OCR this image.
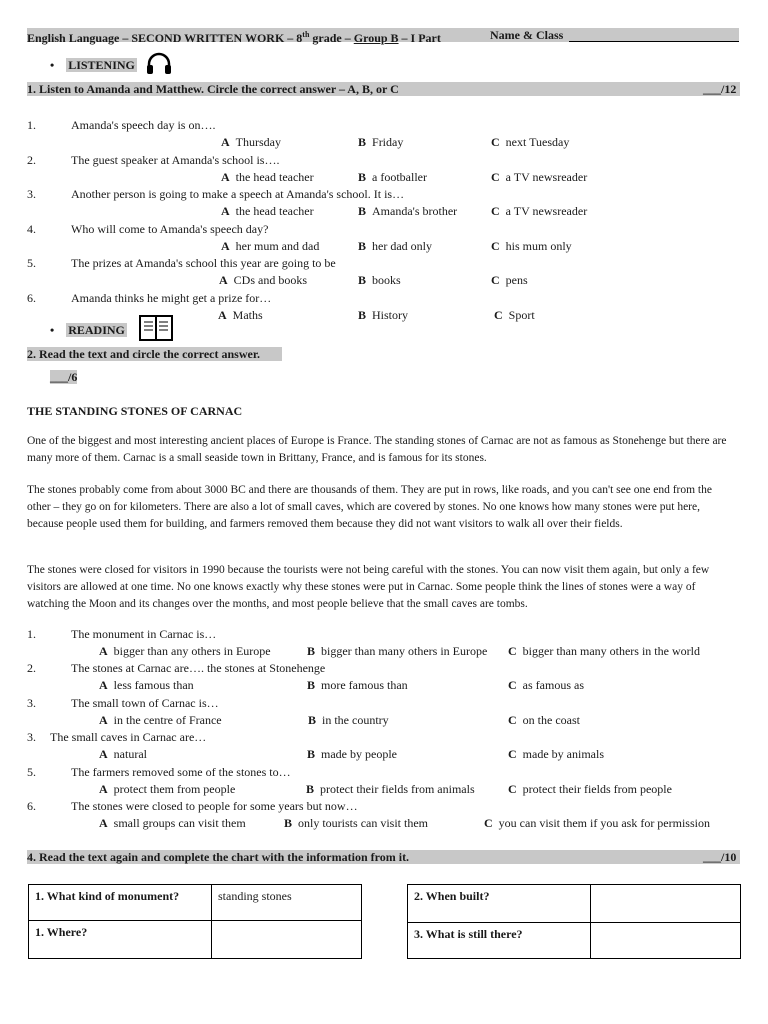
English Language – SECOND WRITTEN WORK – 8th grade – Group B – I Part	Name & Class
•    LISTENING
1. Listen to Amanda and Matthew. Circle the correct answer – A, B, or C	___/12
1.	Amanda's speech day is on….
A Thursday	B Friday	C next Tuesday
2.	The guest speaker at Amanda's school is….
A the head teacher	B a footballer	C a TV newsreader
3.	Another person is going to make a speech at Amanda's school. It is…
A the head teacher	B Amanda's brother	C a TV newsreader
4.	Who will come to Amanda's speech day?
A her mum and dad	B her dad only	C his mum only
5.	The prizes at Amanda's school this year are going to be
A CDs and books	B books	C pens
6.	Amanda thinks he might get a prize for…
A Maths	B History	C Sport
•    READING
2. Read the text and circle the correct answer.
___/6
THE STANDING STONES OF CARNAC
One of the biggest and most interesting ancient places of Europe is France. The standing stones of Carnac are not as famous as Stonehenge but there are many more of them. Carnac is a small seaside town in Brittany, France, and is famous for its stones.
The stones probably come from about 3000 BC and there are thousands of them. They are put in rows, like roads, and you can't see one end from the other – they go on for kilometers. There are also a lot of small caves, which are covered by stones. No one knows how many stones were put here, because people used them for building, and farmers removed them because they did not want visitors to walk all over their fields.
The stones were closed for visitors in 1990 because the tourists were not being careful with the stones. You can now visit them again, but only a few visitors are allowed at one time. No one knows exactly why these stones were put in Carnac. Some people think the lines of stones were a way of watching the Moon and its changes over the months, and most people believe that the small caves are tombs.
1.	The monument in Carnac is…
A bigger than any others in Europe	B bigger than many others in Europe C bigger than many others in the world
2.	The stones at Carnac are…. the stones at Stonehenge
A less famous than	B more famous than	C as famous as
3.	The small town of Carnac is…
A in the centre of France	B in the country	C on the coast
3. The small caves in Carnac are…
A natural	B made by people	C made by animals
5.	The farmers removed some of the stones to…
A protect them from people	B protect their fields from animals	C protect their fields from people
6.	The stones were closed to people for some years but now…
A small groups can visit them	B only tourists can visit them	C you can visit them if you ask for permission
4. Read the text again and complete the chart with the information from it.	___/10
1. What kind of monument?	standing stones
1. Where?	
2. When built?	
3. What is still there?	
